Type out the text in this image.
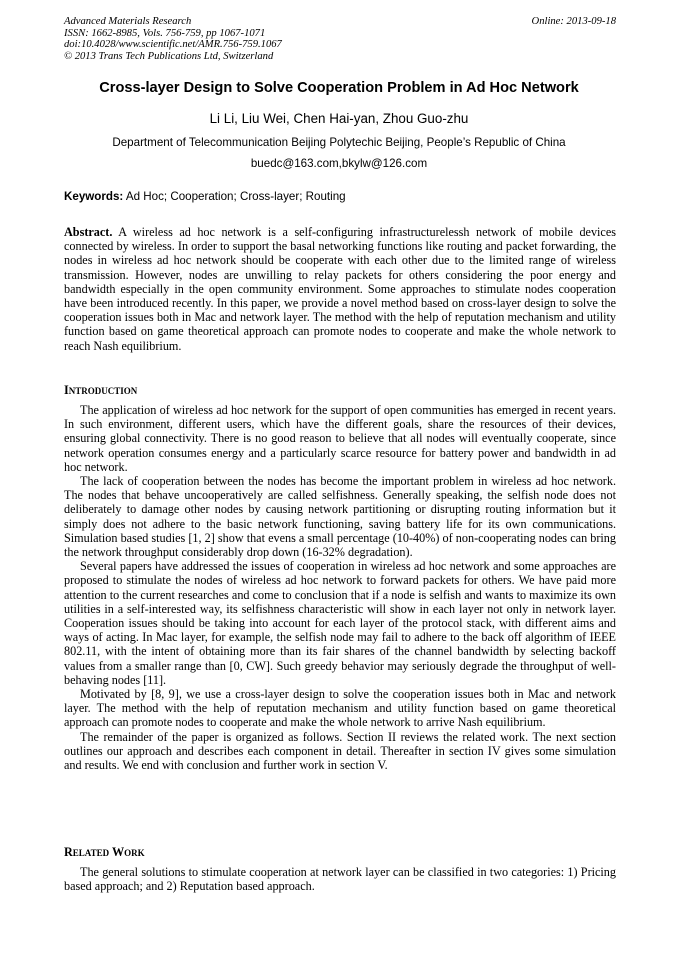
Advanced Materials Research
ISSN: 1662-8985, Vols. 756-759, pp 1067-1071
doi:10.4028/www.scientific.net/AMR.756-759.1067
© 2013 Trans Tech Publications Ltd, Switzerland
Online: 2013-09-18
Cross-layer Design to Solve Cooperation Problem in Ad Hoc Network
Li Li, Liu Wei, Chen Hai-yan, Zhou Guo-zhu
Department of Telecommunication Beijing Polytechic Beijing, People’s Republic of China
buedc@163.com,bkylw@126.com
Keywords: Ad Hoc; Cooperation; Cross-layer; Routing
Abstract. A wireless ad hoc network is a self-configuring infrastructurelessh network of mobile devices connected by wireless. In order to support the basal networking functions like routing and packet forwarding, the nodes in wireless ad hoc network should be cooperate with each other due to the limited range of wireless transmission. However, nodes are unwilling to relay packets for others considering the poor energy and bandwidth especially in the open community environment. Some approaches to stimulate nodes cooperation have been introduced recently. In this paper, we provide a novel method based on cross-layer design to solve the cooperation issues both in Mac and network layer. The method with the help of reputation mechanism and utility function based on game theoretical approach can promote nodes to cooperate and make the whole network to reach Nash equilibrium.
Introduction

The application of wireless ad hoc network for the support of open communities has emerged in recent years. In such environment, different users, which have the different goals, share the resources of their devices, ensuring global connectivity. There is no good reason to believe that all nodes will eventually cooperate, since network operation consumes energy and a particularly scarce resource for battery power and bandwidth in ad hoc network.

The lack of cooperation between the nodes has become the important problem in wireless ad hoc network. The nodes that behave uncooperatively are called selfishness. Generally speaking, the selfish node does not deliberately to damage other nodes by causing network partitioning or disrupting routing information but it simply does not adhere to the basic network functioning, saving battery life for its own communications. Simulation based studies [1, 2] show that evens a small percentage (10-40%) of non-cooperating nodes can bring the network throughput considerably drop down (16-32% degradation).

Several papers have addressed the issues of cooperation in wireless ad hoc network and some approaches are proposed to stimulate the nodes of wireless ad hoc network to forward packets for others. We have paid more attention to the current researches and come to conclusion that if a node is selfish and wants to maximize its own utilities in a self-interested way, its selfishness characteristic will show in each layer not only in network layer. Cooperation issues should be taking into account for each layer of the protocol stack, with different aims and ways of acting. In Mac layer, for example, the selfish node may fail to adhere to the back off algorithm of IEEE 802.11, with the intent of obtaining more than its fair shares of the channel bandwidth by selecting backoff values from a smaller range than [0, CW]. Such greedy behavior may seriously degrade the throughput of well-behaving nodes [11].

Motivated by [8, 9], we use a cross-layer design to solve the cooperation issues both in Mac and network layer. The method with the help of reputation mechanism and utility function based on game theoretical approach can promote nodes to cooperate and make the whole network to arrive Nash equilibrium.

The remainder of the paper is organized as follows. Section II reviews the related work. The next section outlines our approach and describes each component in detail. Thereafter in section IV gives some simulation and results. We end with conclusion and further work in section V.

Related Work

The general solutions to stimulate cooperation at network layer can be classified in two categories: 1) Pricing based approach; and 2) Reputation based approach.
